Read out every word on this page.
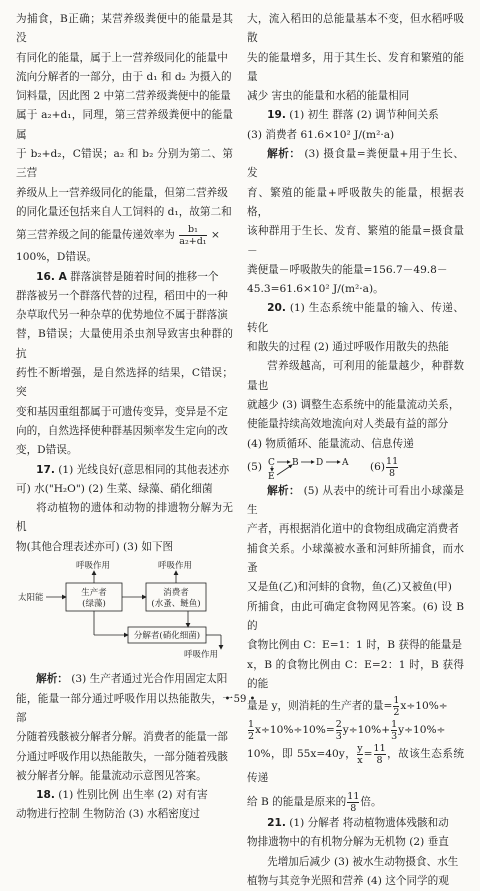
为捕食，B正确；某营养级粪便中的能量是其没

有同化的能量，属于上一营养级同化的能量中

流向分解者的一部分，由于 d₁ 和 d₂ 为摄入的

饲料量，因此图 2 中第二营养级粪便中的能量

属于 a₂+d₁，同理，第三营养级粪便中的能量属

于 b₂+d₂，C错误；a₂ 和 b₂ 分别为第二、第三营

养级从上一营养级同化的能量，但第二营养级

的同化量还包括来自人工饲料的 d₁，故第二和

第三营养级之间的能量传递效率为 $\frac{\text{b₁}}{\text{a₂+d₁}}$ ×

100%，D错误。

16. A 群落演替是随着时间的推移一个

群落被另一个群落代替的过程，稻田中的一种

杂草取代另一种杂草的优势地位不属于群落演

替，B错误；大量使用杀虫剂导致害虫种群的抗

药性不断增强，是自然选择的结果，C错误；突

变和基因重组都属于可遗传变异，变异是不定

向的，自然选择使种群基因频率发生定向的改

变，D错误。

17. (1) 光线良好(意思相同的其他表述亦

可) 水("H₂O") (2) 生菜、绿藻、硝化细菌

将动植物的遗体和动物的排遗物分解为无机

物(其他合理表述亦可) (3) 如下图

太阳能	生产者
(绿藻)
消费者
(水蚤、鲢鱼)
呼吸作用	呼吸作用
分解者(硝化细菌)
呼吸作用

解析： (3) 生产者通过光合作用固定太阳

能，能量一部分通过呼吸作用以热能散失，一部

分随着残骸被分解者分解。消费者的能量一部

分通过呼吸作用以热能散失，一部分随着残骸

被分解者分解。能量流动示意图见答案。

18. (1) 性别比例 出生率 (2) 对有害

动物进行控制 生物防治 (3) 水稻密度过

大，流入稻田的总能量基本不变，但水稻呼吸散

失的能量增多，用于其生长、发育和繁殖的能量

减少 害虫的能量和水稻的能量相同

19. (1) 初生 群落 (2) 调节种间关系

(3) 消费者 61.6×10² J/(m²·a)

解析： (3) 摄食量=粪便量+用于生长、发

育、繁殖的能量+呼吸散失的能量，根据表格，

该种群用于生长、发育、繁殖的能量=摄食量－

粪便量－呼吸散失的能量=156.7－49.8－

45.3=61.6×10² J/(m²·a)。

20. (1) 生态系统中能量的输入、传递、转化

和散失的过程 (2) 通过呼吸作用散失的热能

营养级越高，可利用的能量越少，种群数量也

就越少 (3) 调整生态系统中的能量流动关系，

使能量持续高效地流向对人类最有益的部分

(4) 物质循环、能量流动、信息传递

(5) C
E
B D A $(6) \frac{11}{8}$

解析： (5) 从表中的统计可看出小球藻是生

产者，再根据消化道中的食物组成确定消费者

捕食关系。小球藻被水蚤和河蚌所捕食，而水蚤

又是鱼(乙)和河蚌的食物，鱼(乙)又被鱼(甲)

所捕食，由此可确定食物网见答案。(6) 设 B 的

食物比例由 C：E=1：1 时，B 获得的能量是

x，B 的食物比例由 C：E=2：1 时，B 获得的能

量是 y，则消耗的生产者的量= $\frac{1}{2} x\div 10\%\div$

$\frac{1}{2} x\div 10\%\div 10\%= \frac{2}{3} y\div 10\%+ \frac{1}{3} y\div 10\%\div$

10%，即 55x=40y， $\frac{y}{x} = \frac{11}{8}$ ，故该生态系统传递

给 B 的能量是原来的 $\frac{11}{8}$ 倍。

21. (1) 分解者 将动植物遗体残骸和动

物排遗物中的有机物分解为无机物 (2) 垂直

先增加后减少 (3) 被水生动物摄食、水生

植物与其竞争光照和营养 (4) 这个同学的观

• 59 •
